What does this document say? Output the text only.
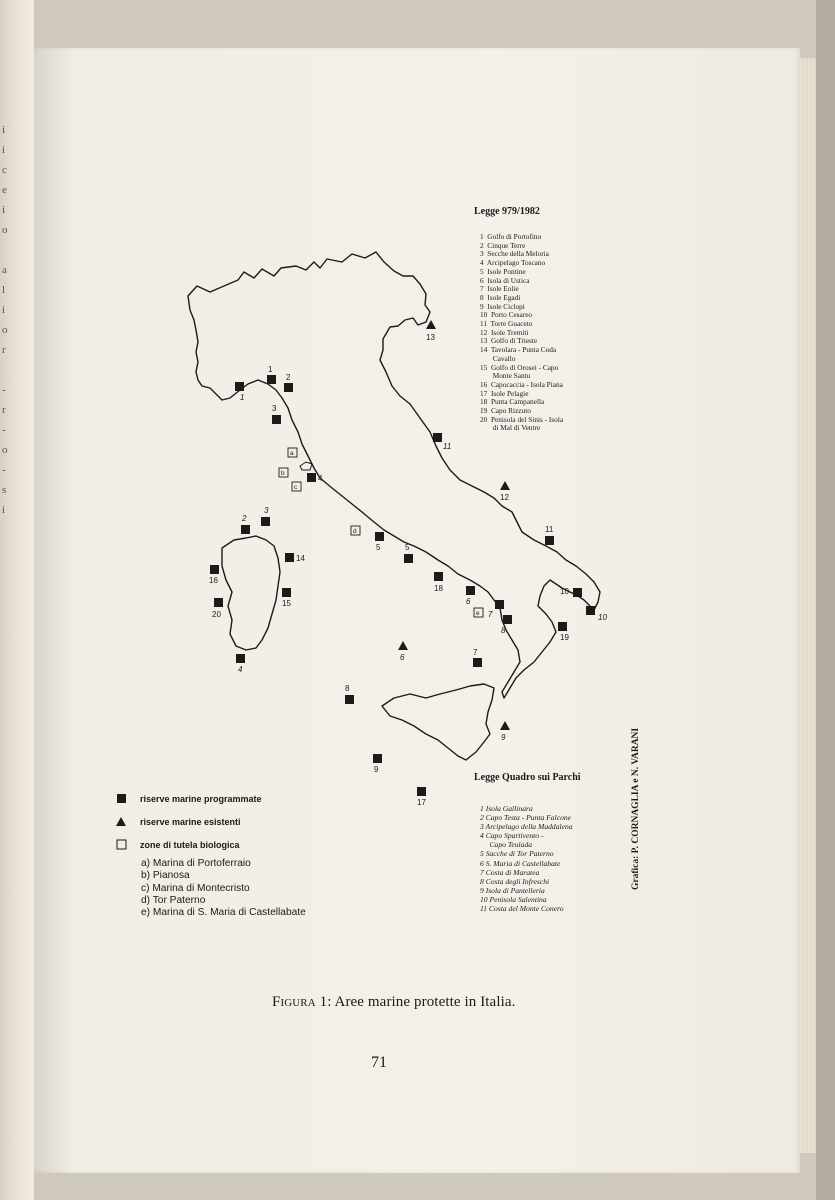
i
i
c
e
i
o

a
l
i
o
r

-
r
-
o
-
s
i
a
b
c
d
e
1
2
3
4
5	5
7
10
11
14
15
16
17
18
19
20
8
9
12
13
1
2
3
4
6
7
8
10
11
6
9
Legge 979/1982
1  Golfo di Portofino
2  Cinque Terre
3  Secche della Meloria
4  Arcipelago Toscano
5  Isole Pontine
6  Isola di Ustica
7  Isole Eolie
8  Isole Egadi
9  Isole Ciclopi
10  Porto Cesareo
11  Torre Guaceto
12  Isole Tremiti
13  Golfo di Trieste
14  Tavolara - Punta Coda
Cavallo
15  Golfo di Orosei - Capo
Monte Santu
16  Capocaccia - Isola Piana
17  Isole Pelagie
18  Punta Campanella
19  Capo Rizzuto
20  Penisola del Sinis - Isola
di Mal di Ventre
Legge Quadro sui Parchi
1 Isola Gallinara
2 Capo Testa - Punta Falcone
3 Arcipelago della Maddalena
4 Capo Spartivento -
Capo Teulada
5 Sacche di Tor Paterno
6 S. Maria di Castellabate
7 Costa di Maratea
8 Costa degli Infreschi
9 Isola di Pantelleria
10 Penisola Salentina
11 Costa del Monte Conero
riserve marine programmate
riserve marine esistenti
zone di tutela biologica
a) Marina di Portoferraio
b) Pianosa
c) Marina di Montecristo
d) Tor Paterno
e) Marina di S. Maria di Castellabate
Grafica: P. CORNAGLIA e N. VARANI
Figura 1: Aree marine protette in Italia.
71
